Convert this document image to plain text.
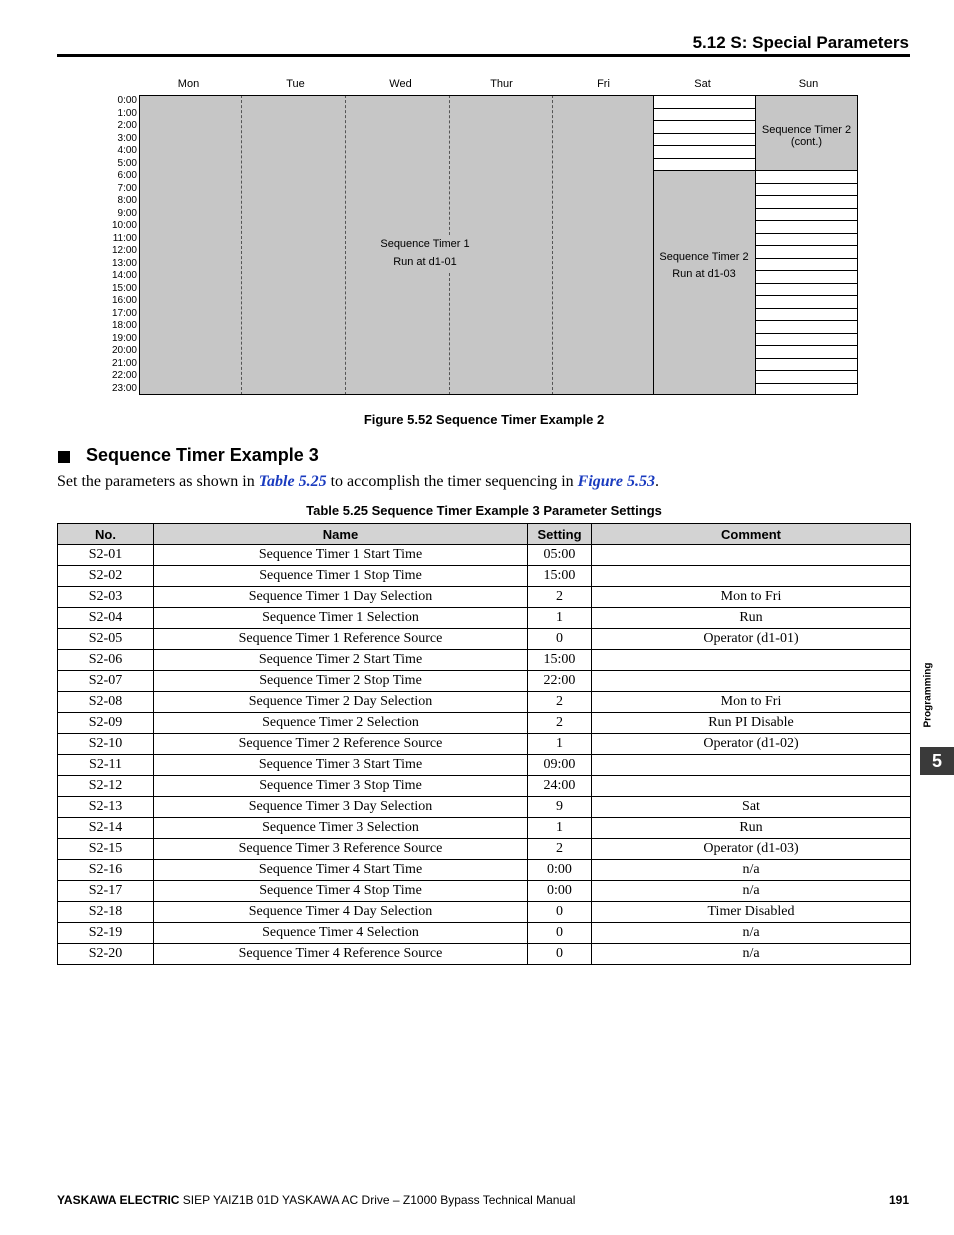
5.12 S: Special Parameters
Mon	Tue	Wed	Thur	Fri	Sat	Sun
0:00
1:00
2:00
3:00
4:00
5:00
6:00
7:00
8:00
9:00
10:00
11:00
12:00
13:00
14:00
15:00
16:00
17:00
18:00
19:00
20:00
21:00
22:00
23:00
Sequence Timer 1
Run at d1-01	Sequence Timer 2
Run at d1-03
Sequence Timer 2
(cont.)
Figure 5.52 Sequence Timer Example 2
Sequence Timer Example 3
Set the parameters as shown in Table 5.25 to accomplish the timer sequencing in Figure 5.53.
Table 5.25 Sequence Timer Example 3 Parameter Settings
No.	Name	Setting	Comment
S2-01	Sequence Timer 1 Start Time	05:00	
S2-02	Sequence Timer 1 Stop Time	15:00	
S2-03	Sequence Timer 1 Day Selection	2	Mon to Fri
S2-04	Sequence Timer 1 Selection	1	Run
S2-05	Sequence Timer 1 Reference Source	0	Operator (d1-01)
S2-06	Sequence Timer 2 Start Time	15:00	
S2-07	Sequence Timer 2 Stop Time	22:00	
S2-08	Sequence Timer 2 Day Selection	2	Mon to Fri
S2-09	Sequence Timer 2 Selection	2	Run PI Disable
S2-10	Sequence Timer 2 Reference Source	1	Operator (d1-02)
S2-11	Sequence Timer 3 Start Time	09:00	
S2-12	Sequence Timer 3 Stop Time	24:00	
S2-13	Sequence Timer 3 Day Selection	9	Sat
S2-14	Sequence Timer 3 Selection	1	Run
S2-15	Sequence Timer 3 Reference Source	2	Operator (d1-03)
S2-16	Sequence Timer 4 Start Time	0:00	n/a
S2-17	Sequence Timer 4 Stop Time	0:00	n/a
S2-18	Sequence Timer 4 Day Selection	0	Timer Disabled
S2-19	Sequence Timer 4 Selection	0	n/a
S2-20	Sequence Timer 4 Reference Source	0	n/a
Programming
5
YASKAWA ELECTRIC SIEP YAIZ1B 01D YASKAWA AC Drive – Z1000 Bypass Technical Manual	191
